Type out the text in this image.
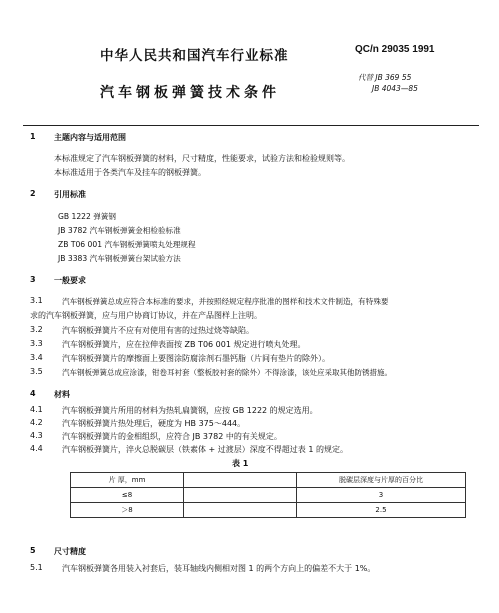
中华人民共和国汽车行业标准	QC/n 29035 1991
汽车钢板弹簧技术条件
代替 JB 369 55
JB 4043—85
1 主题内容与适用范围
本标准规定了汽车钢板弹簧的材料，尺寸精度，性能要求，试验方法和检验规则等。
本标准适用于各类汽车及挂车的钢板弹簧。
2 引用标准
GB 1222 弹簧钢
JB 3782 汽车钢板弹簧金相检验标准
ZB T06 001 汽车钢板弹簧喷丸处理规程
JB 3383 汽车钢板弹簧台架试验方法
3 一般要求
3.1	汽车钢板弹簧总成应符合本标准的要求，并按照经规定程序批准的图样和技术文件制造，有特殊要
求的汽车钢板弹簧，应与用户协商订协议，并在产品图样上注明。
3.2 汽车钢板弹簧片不应有对使用有害的过热过烧等缺陷。
3.3 汽车钢板弹簧片，应在拉伸表面按 ZB T06 001 规定进行喷丸处理。
3.4 汽车钢板弹簧片的摩擦面上要图涂防腐涂剂石墨钙脂（片间有垫片的除外）。
3.5	汽车钢板弹簧总成应涂漆，钳卷耳衬套（整板胶衬套的除外）不得涂漆，该处应采取其他防锈措施。
4 材料
4.1 汽车钢板弹簧片所用的材料为热轧扁簧钢，应按 GB 1222 的规定选用。
4.2 汽车钢板弹簧片热处理后，硬度为 HB 375～444。
4.3 汽车钢板弹簧片的金相组织，应符合 JB 3782 中的有关规定。
4.4 汽车钢板弹簧片，淬火总脱碳层（铁素体 + 过渡层）深度不得超过表 1 的规定。
表 1
片 厚，mm		脱碳层深度与片厚的百分比
≤8		3
＞8		2.5
5 尺寸精度
5.1 汽车钢板弹簧各用装入衬套后，装耳轴线内侧相对图 1 的两个方向上的偏差不大于 1%。
